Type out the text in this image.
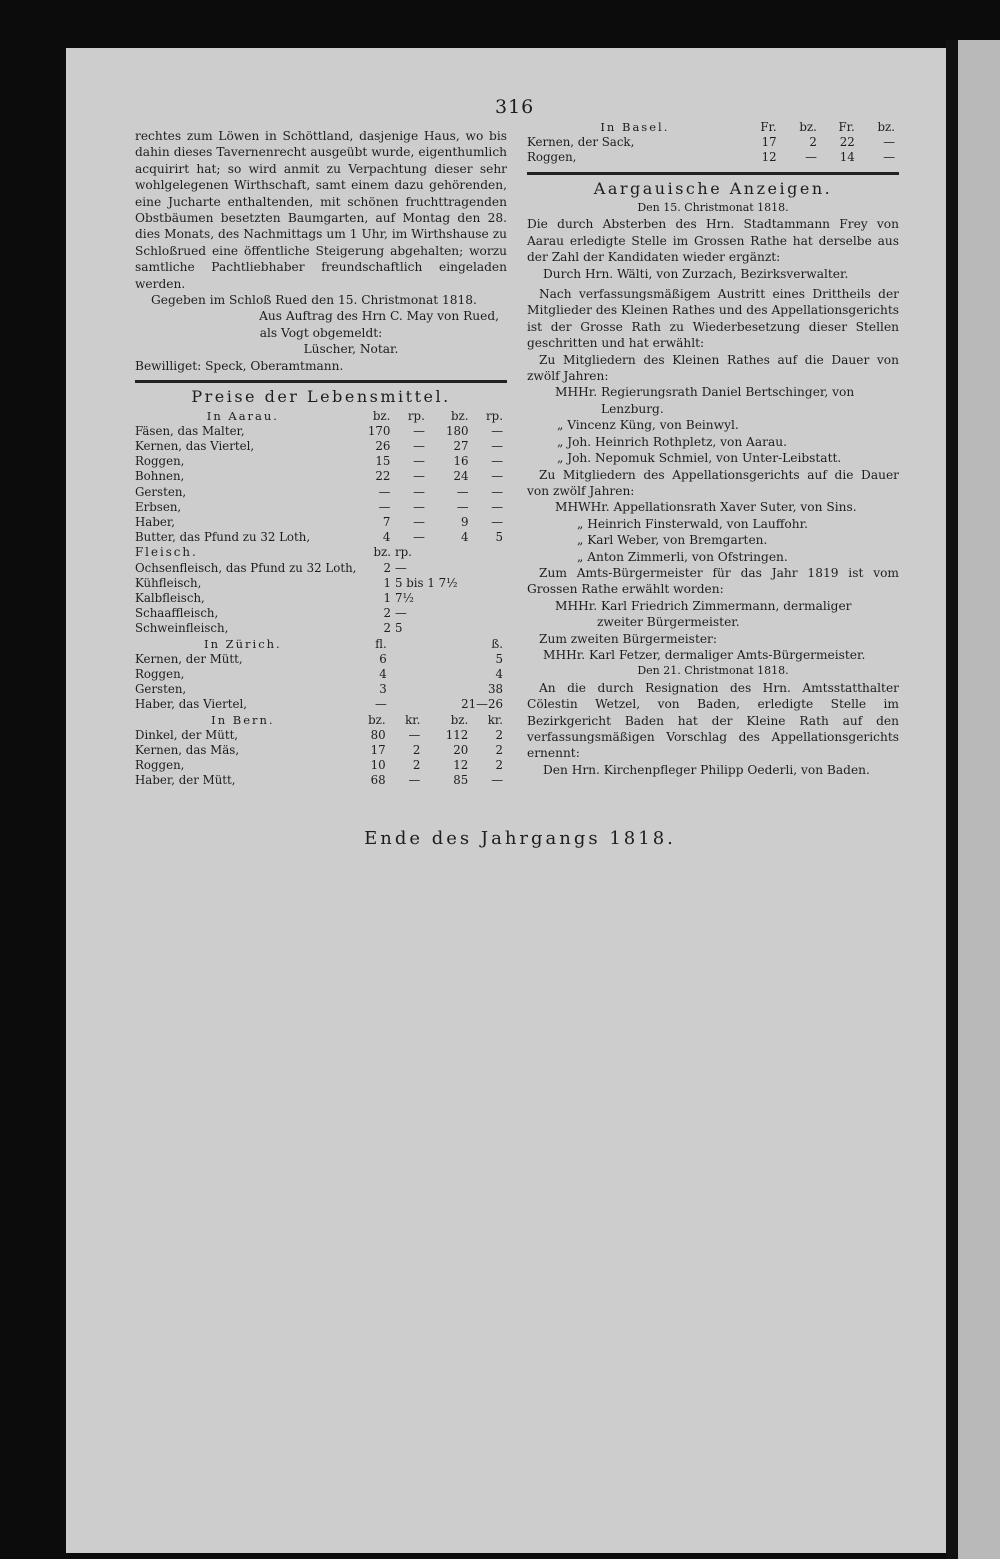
316
rechtes zum Löwen in Schöttland, dasjenige Haus, wo bis dahin dieses Tavernenrecht ausgeübt wurde, eigenthumlich acquirirt hat; so wird anmit zu Verpachtung dieser sehr wohlgelegenen Wirthschaft, samt einem dazu gehörenden, eine Jucharte enthaltenden, mit schönen fruchttragenden Obstbäumen besetzten Baumgarten, auf Montag den 28. dies Monats, des Nachmittags um 1 Uhr, im Wirthshause zu Schloßrued eine öffentliche Steigerung abgehalten; worzu samtliche Pachtliebhaber freundschaftlich eingeladen werden.
Gegeben im Schloß Rued den 15. Christmonat 1818.
Aus Auftrag des Hrn C. May von Rued,
als Vogt obgemeldt:
Lüscher, Notar.
Bewilliget: Speck, Oberamtmann.
Preise der Lebensmittel.
In Aarau.	bz.	rp.	bz.	rp.
Fäsen, das Malter,	170	—	180	—
Kernen, das Viertel,	26	—	27	—
Roggen,	15	—	16	—
Bohnen,	22	—	24	—
Gersten,	—	—	—	—
Erbsen,	—	—	—	—
Haber,	7	—	9	—
Butter, das Pfund zu 32 Loth,	4	—	4	5
Fleisch.	bz.	rp.
Ochsenfleisch, das Pfund zu 32 Loth,	2	—
Kühfleisch,	1	5 bis 1 7½
Kalbfleisch,	1	7½
Schaaffleisch,	2	—
Schweinfleisch,	2	5
In Zürich.	fl.	ß.
Kernen, der Mütt,	6	5
Roggen,	4	4
Gersten,	3	38
Haber, das Viertel,	—	21—26
In Bern.	bz.	kr.	bz.	kr.
Dinkel, der Mütt,	80	—	112	2
Kernen, das Mäs,	17	2	20	2
Roggen,	10	2	12	2
Haber, der Mütt,	68	—	85	—
In Basel.	Fr.	bz.	Fr.	bz.
Kernen, der Sack,	17	2	22	—
Roggen,	12	—	14	—
Aargauische Anzeigen.
Den 15. Christmonat 1818.
Die durch Absterben des Hrn. Stadtammann Frey von Aarau erledigte Stelle im Grossen Rathe hat derselbe aus der Zahl der Kandidaten wieder ergänzt:
Durch Hrn. Wälti, von Zurzach, Bezirksverwalter.
Nach verfassungsmäßigem Austritt eines Drittheils der Mitglieder des Kleinen Rathes und des Appellationsgerichts ist der Grosse Rath zu Wiederbesetzung dieser Stellen geschritten und hat erwählt:
Zu Mitgliedern des Kleinen Rathes auf die Dauer von zwölf Jahren:
MHHr. Regierungsrath Daniel Bertschinger, von Lenzburg.
„ Vincenz Küng, von Beinwyl.
„ Joh. Heinrich Rothpletz, von Aarau.
„ Joh. Nepomuk Schmiel, von Unter-Leibstatt.
Zu Mitgliedern des Appellationsgerichts auf die Dauer von zwölf Jahren:
MHWHr. Appellationsrath Xaver Suter, von Sins.
„ Heinrich Finsterwald, von Lauffohr.
„ Karl Weber, von Bremgarten.
„ Anton Zimmerli, von Ofstringen.
Zum Amts-Bürgermeister für das Jahr 1819 ist vom Grossen Rathe erwählt worden:
MHHr. Karl Friedrich Zimmermann, dermaliger zweiter Bürgermeister.
Zum zweiten Bürgermeister:
MHHr. Karl Fetzer, dermaliger Amts-Bürgermeister.
Den 21. Christmonat 1818.
An die durch Resignation des Hrn. Amtsstatthalter Cölestin Wetzel, von Baden, erledigte Stelle im Bezirkgericht Baden hat der Kleine Rath auf den verfassungsmäßigen Vorschlag des Appellationsgerichts ernennt:
Den Hrn. Kirchenpfleger Philipp Oederli, von Baden.
Ende des Jahrgangs 1818.
